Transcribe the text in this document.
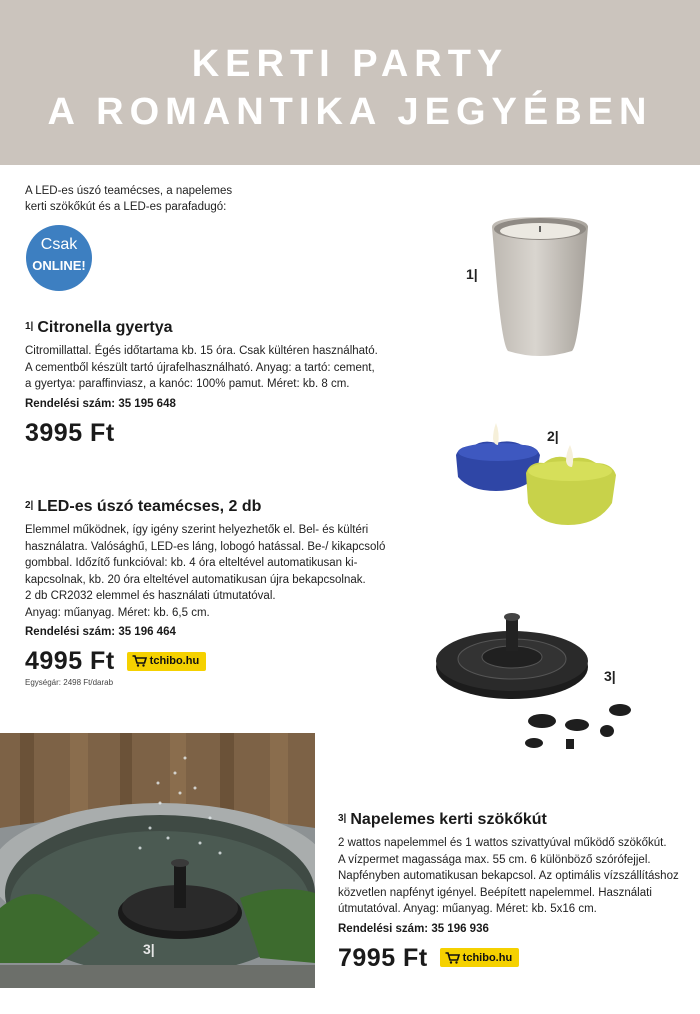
KERTI PARTY
A ROMANTIKA JEGYÉBEN
A LED-es úszó teamécses, a napelemes
kerti szökőkút és a LED-es parafadugó:
Csak
ONLINE!
1| Citronella gyertya
Citromillattal. Égés időtartama kb. 15 óra. Csak kültéren használható.
A cementből készült tartó újrafelhasználható. Anyag: a tartó: cement,
a gyertya: paraffinviasz, a kanóc: 100% pamut. Méret: kb. 8 cm.
Rendelési szám: 35 195 648
3995 Ft
2| LED-es úszó teamécses, 2 db
Elemmel működnek, így igény szerint helyezhetők el. Bel- és kültéri
használatra. Valósághű, LED-es láng, lobogó hatással. Be-/ kikapcsoló
gombbal. Időzítő funkcióval: kb. 4 óra elteltével automatikusan ki-
kapcsolnak, kb. 20 óra elteltével automatikusan újra bekapcsolnak.
2 db CR2032 elemmel és használati útmutatóval.
Anyag: műanyag. Méret: kb. 6,5 cm.
Rendelési szám: 35 196 464
4995 Ft	tchibo.hu
Egységár: 2498 Ft/darab
3| Napelemes kerti szökőkút
2 wattos napelemmel és 1 wattos szivattyúval működő szökőkút.
A vízpermet magassága max. 55 cm. 6 különböző szórófejjel.
Napfényben automatikusan bekapcsol. Az optimális vízszállításhoz
közvetlen napfényt igényel. Beépített napelemmel. Használati
útmutatóval. Anyag: műanyag. Méret: kb. 5x16 cm.
Rendelési szám: 35 196 936
7995 Ft	tchibo.hu
1|
2|
3|
3|
